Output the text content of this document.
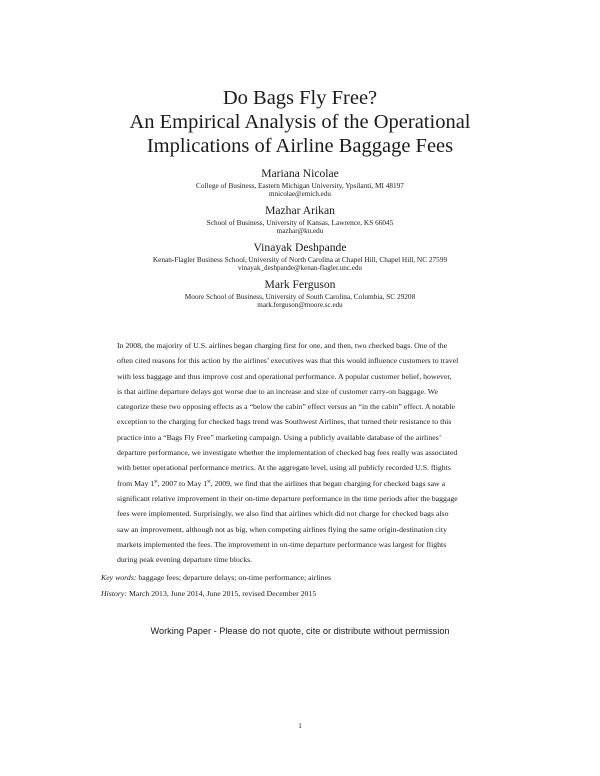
Do Bags Fly Free?
An Empirical Analysis of the Operational
Implications of Airline Baggage Fees
Mariana Nicolae
College of Business, Eastern Michigan University, Ypsilanti, MI 48197
mnicolae@emich.edu
Mazhar Arikan
School of Business, University of Kansas, Lawrence, KS 66045
mazhar@ku.edu
Vinayak Deshpande
Kenan-Flagler Business School, University of North Carolina at Chapel Hill, Chapel Hill, NC 27599
vinayak_deshpande@kenan-flagler.unc.edu
Mark Ferguson
Moore School of Business, University of South Carolina, Columbia, SC 29208
mark.ferguson@moore.sc.edu

In 2008, the majority of U.S. airlines began charging first for one, and then, two checked bags. One of the
often cited reasons for this action by the airlines’ executives was that this would influence customers to travel
with less baggage and thus improve cost and operational performance. A popular customer belief, however,
is that airline departure delays got worse due to an increase and size of customer carry-on baggage. We
categorize these two opposing effects as a “below the cabin” effect versus an “in the cabin” effect. A notable
exception to the charging for checked bags trend was Southwest Airlines, that turned their resistance to this
practice into a “Bags Fly Free” marketing campaign. Using a publicly available database of the airlines’
departure performance, we investigate whether the implementation of checked bag fees really was associated
with better operational performance metrics. At the aggregate level, using all publicly recorded U.S. flights
from May 1st, 2007 to May 1st, 2009, we find that the airlines that began charging for checked bags saw a
significant relative improvement in their on-time departure performance in the time periods after the baggage
fees were implemented. Surprisingly, we also find that airlines which did not charge for checked bags also
saw an improvement, although not as big, when competing airlines flying the same origin-destination city
markets implemented the fees. The improvement in on-time departure performance was largest for flights
during peak evening departure time blocks.

Key words: baggage fees; departure delays; on-time performance; airlines
History: March 2013, June 2014, June 2015, revised December 2015
Working Paper - Please do not quote, cite or distribute without permission
1
